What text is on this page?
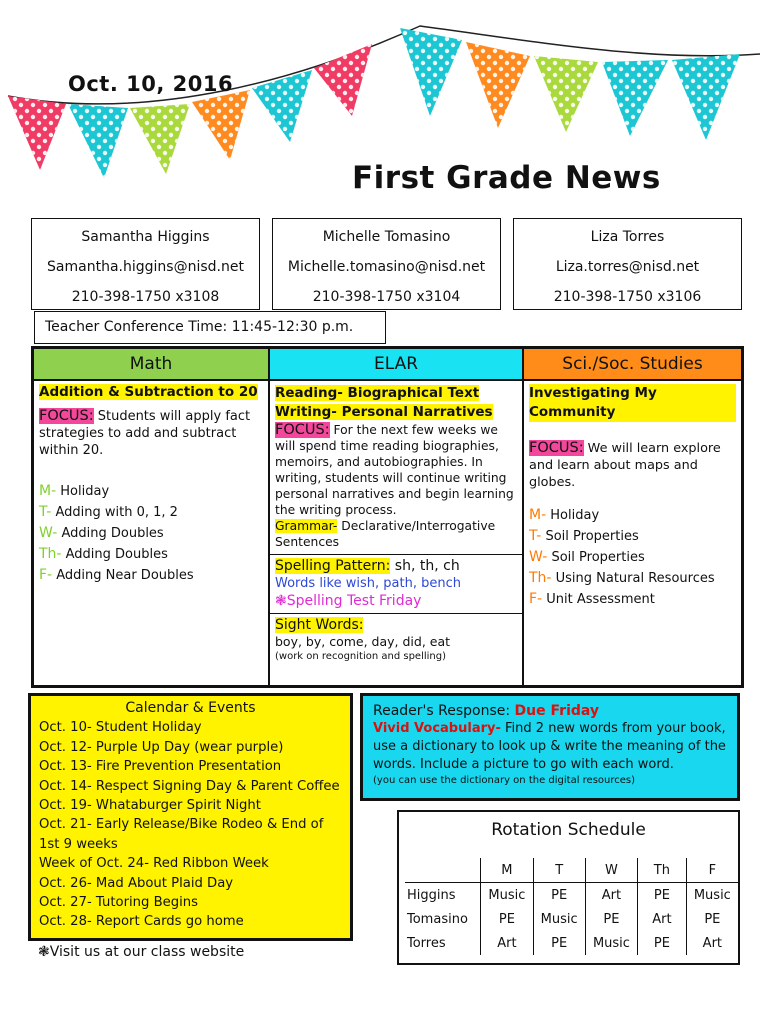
Oct. 10, 2016
First Grade News
Samantha Higgins
Samantha.higgins@nisd.net
210-398-1750 x3108
Michelle Tomasino
Michelle.tomasino@nisd.net
210-398-1750 x3104
Liza Torres
Liza.torres@nisd.net
210-398-1750 x3106
Teacher Conference Time: 11:45-12:30 p.m.
Math
Addition & Subtraction to 20
FOCUS: Students will apply fact strategies to add and subtract within 20.
M- Holiday
T- Adding with 0, 1, 2
W- Adding Doubles
Th- Adding Doubles
F- Adding Near Doubles
ELAR
Reading- Biographical Text
Writing- Personal Narratives
FOCUS: For the next few weeks we will spend time reading biographies, memoirs, and autobiographies. In writing, students will continue writing personal narratives and begin learning the writing process.
Grammar- Declarative/Interrogative Sentences
Spelling Pattern: sh, th, ch
Words like wish, path, bench
❃Spelling Test Friday
Sight Words:
boy, by, come, day, did, eat
(work on recognition and spelling)
Sci./Soc. Studies
Investigating My Community
FOCUS: We will learn explore and learn about maps and globes.
M- Holiday
T- Soil Properties
W- Soil Properties
Th- Using Natural Resources
F- Unit Assessment
Calendar & Events
Oct. 10- Student Holiday
Oct. 12- Purple Up Day (wear purple)
Oct. 13- Fire Prevention Presentation
Oct. 14- Respect Signing Day & Parent Coffee
Oct. 19- Whataburger Spirit Night
Oct. 21- Early Release/Bike Rodeo & End of 1st 9 weeks
Week of Oct. 24- Red Ribbon Week
Oct. 26- Mad About Plaid Day
Oct. 27- Tutoring Begins
Oct. 28- Report Cards go home
Reader's Response: Due Friday
Vivid Vocabulary- Find 2 new words from your book, use a dictionary to look up & write the meaning of the words. Include a picture to go with each word.
(you can use the dictionary on the digital resources)
Rotation Schedule
	M	T	W	Th	F
Higgins	Music	PE	Art	PE	Music
Tomasino	PE	Music	PE	Art	PE
Torres	Art	PE	Music	PE	Art
❃Visit us at our class website
